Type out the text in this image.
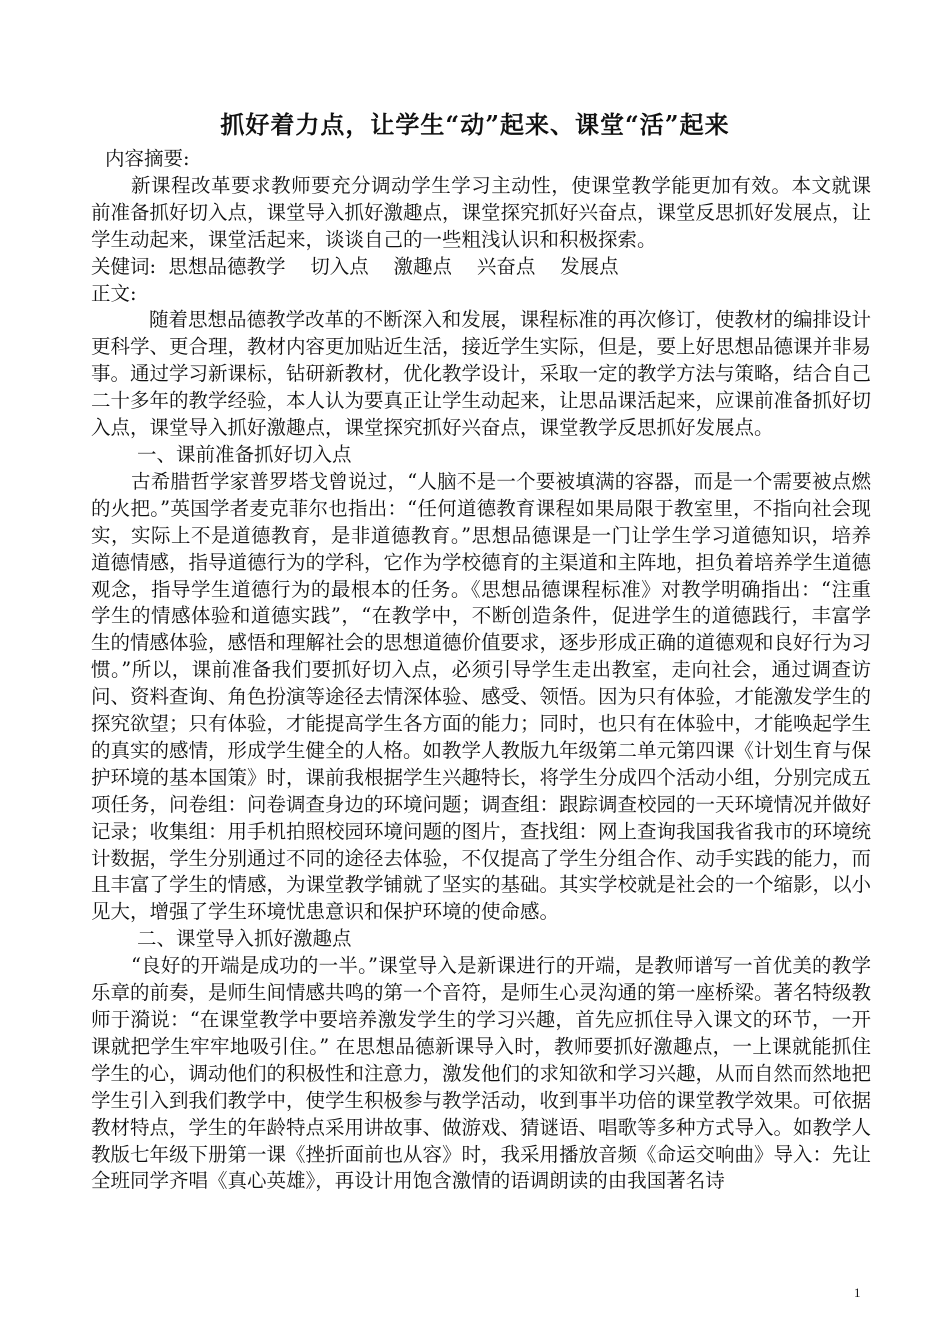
抓好着力点，让学生“动”起来、课堂“活”起来

内容摘要:

新课程改革要求教师要充分调动学生学习主动性，使课堂教学能更加有效。本文就课前准备抓好切入点，课堂导入抓好激趣点，课堂探究抓好兴奋点，课堂反思抓好发展点，让学生动起来，课堂活起来，谈谈自己的一些粗浅认识和积极探索。

关健词:  思想品德教学    切入点    激趣点    兴奋点    发展点

正文:

随着思想品德教学改革的不断深入和发展，课程标准的再次修订，使教材的编排设计更科学、更合理，教材内容更加贴近生活，接近学生实际，但是，要上好思想品德课并非易事。通过学习新课标，钻研新教材，优化教学设计，采取一定的教学方法与策略，结合自己二十多年的教学经验，本人认为要真正让学生动起来，让思品课活起来，应课前准备抓好切入点，课堂导入抓好激趣点，课堂探究抓好兴奋点，课堂教学反思抓好发展点。

一、课前准备抓好切入点

古希腊哲学家普罗塔戈曾说过，“人脑不是一个要被填满的容器，而是一个需要被点燃的火把。”英国学者麦克菲尔也指出：“任何道德教育课程如果局限于教室里，不指向社会现实，实际上不是道德教育，是非道德教育。”思想品德课是一门让学生学习道德知识，培养道德情感，指导道德行为的学科，它作为学校德育的主渠道和主阵地，担负着培养学生道德观念，指导学生道德行为的最根本的任务。《思想品德课程标准》对教学明确指出：“注重学生的情感体验和道德实践”，“在教学中，不断创造条件，促进学生的道德践行，丰富学生的情感体验，感悟和理解社会的思想道德价值要求，逐步形成正确的道德观和良好行为习惯。”所以，课前准备我们要抓好切入点，必须引导学生走出教室，走向社会，通过调查访问、资料查询、角色扮演等途径去情深体验、感受、领悟。因为只有体验，才能激发学生的探究欲望；只有体验，才能提高学生各方面的能力；同时，也只有在体验中，才能唤起学生的真实的感情，形成学生健全的人格。如教学人教版九年级第二单元第四课《计划生育与保护环境的基本国策》时，课前我根据学生兴趣特长，将学生分成四个活动小组，分别完成五项任务，问卷组：问卷调查身边的环境问题；调查组：跟踪调查校园的一天环境情况并做好记录；收集组：用手机拍照校园环境问题的图片，查找组：网上查询我国我省我市的环境统计数据，学生分别通过不同的途径去体验，不仅提高了学生分组合作、动手实践的能力，而且丰富了学生的情感，为课堂教学铺就了坚实的基础。其实学校就是社会的一个缩影，以小见大，增强了学生环境忧患意识和保护环境的使命感。

二、课堂导入抓好激趣点

“良好的开端是成功的一半。”课堂导入是新课进行的开端，是教师谱写一首优美的教学乐章的前奏，是师生间情感共鸣的第一个音符，是师生心灵沟通的第一座桥梁。著名特级教师于漪说：“在课堂教学中要培养激发学生的学习兴趣，首先应抓住导入课文的环节，一开课就把学生牢牢地吸引住。” 在思想品德新课导入时，教师要抓好激趣点，一上课就能抓住学生的心，调动他们的积极性和注意力，激发他们的求知欲和学习兴趣，从而自然而然地把学生引入到我们教学中，使学生积极参与教学活动，收到事半功倍的课堂教学效果。可依据教材特点，学生的年龄特点采用讲故事、做游戏、猜谜语、唱歌等多种方式导入。如教学人教版七年级下册第一课《挫折面前也从容》时，我采用播放音频《命运交响曲》导入：先让全班同学齐唱《真心英雄》，再设计用饱含激情的语调朗读的由我国著名诗

1
